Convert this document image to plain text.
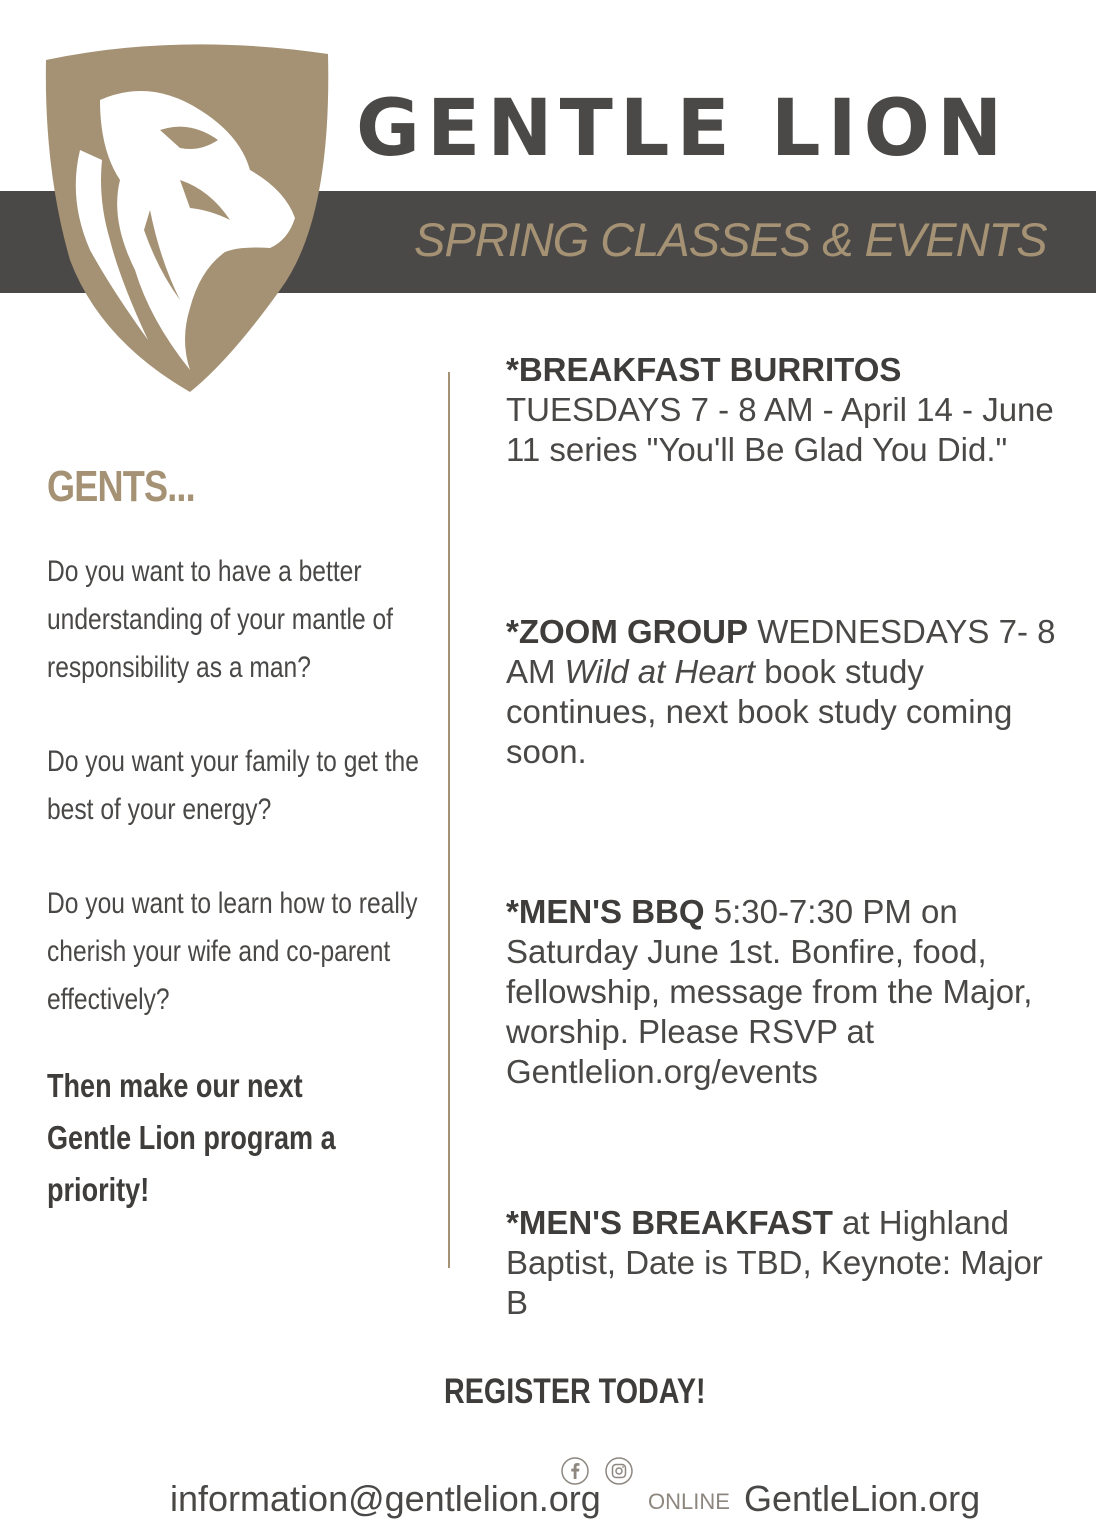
GENTLE LION
SPRING CLASSES & EVENTS
GENTS...
Do you want to have a better understanding of your mantle of responsibility as a man?
Do you want your family to get the best of your energy?
Do you want to learn how to really cherish your wife and co-parent effectively?
Then make our next Gentle Lion program a priority!
*BREAKFAST BURRITOS
TUESDAYS 7 - 8 AM - April 14 - June 11 series "You'll Be Glad You Did."
*ZOOM GROUP WEDNESDAYS 7- 8 AM Wild at Heart book study continues, next book study coming soon.
*MEN'S BBQ 5:30-7:30 PM on Saturday June 1st. Bonfire, food, fellowship, message from the Major, worship. Please RSVP at Gentlelion.org/events
*MEN'S BREAKFAST at Highland Baptist, Date is TBD, Keynote: Major B
REGISTER TODAY!
information@gentlelion.org ONLINE GentleLion.org
